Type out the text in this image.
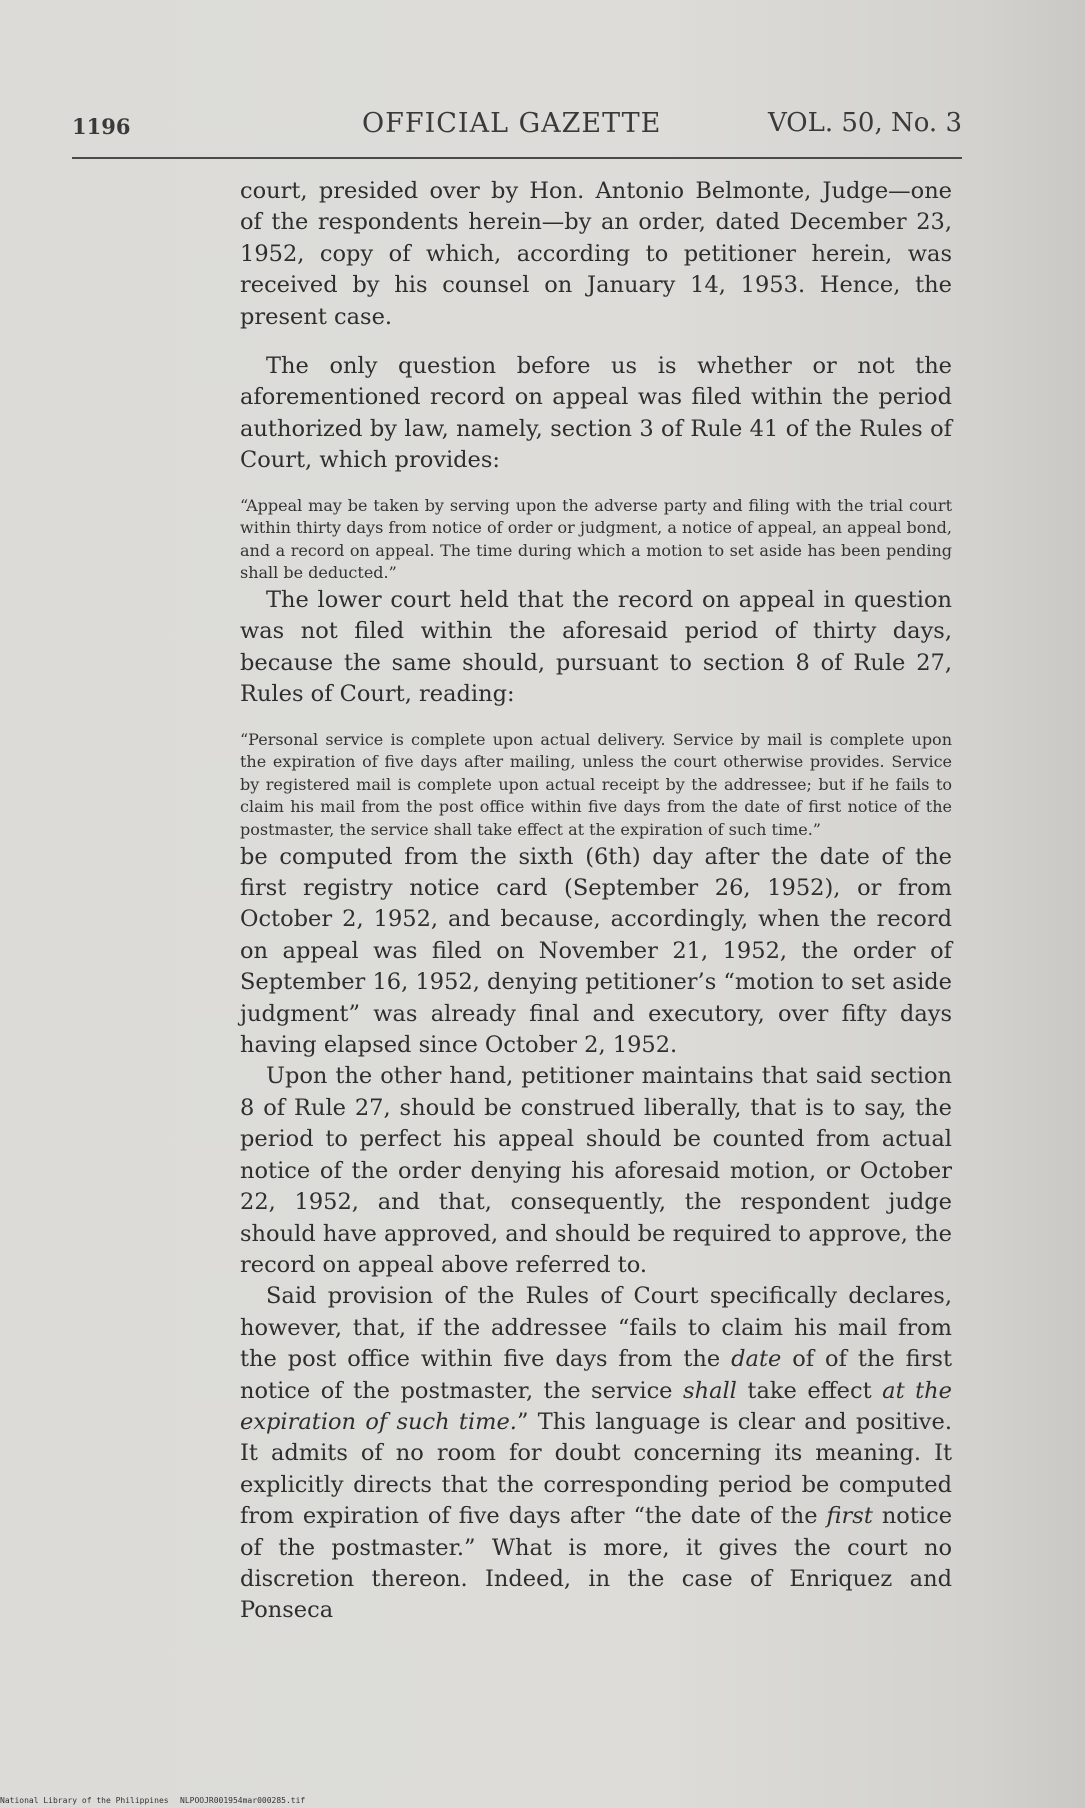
1196	OFFICIAL GAZETTE	VOL. 50, No. 3

court, presided over by Hon. Antonio Belmonte, Judge—one of the respondents herein—by an order, dated December 23, 1952, copy of which, according to petitioner herein, was received by his counsel on January 14, 1953. Hence, the present case.

The only question before us is whether or not the aforementioned record on appeal was filed within the period authorized by law, namely, section 3 of Rule 41 of the Rules of Court, which provides:

“Appeal may be taken by serving upon the adverse party and filing with the trial court within thirty days from notice of order or judgment, a notice of appeal, an appeal bond, and a record on appeal. The time during which a motion to set aside has been pending shall be deducted.”

The lower court held that the record on appeal in question was not filed within the aforesaid period of thirty days, because the same should, pursuant to section 8 of Rule 27, Rules of Court, reading:

“Personal service is complete upon actual delivery. Service by mail is complete upon the expiration of five days after mailing, unless the court otherwise provides. Service by registered mail is complete upon actual receipt by the addressee; but if he fails to claim his mail from the post office within five days from the date of first notice of the postmaster, the service shall take effect at the expiration of such time.”

be computed from the sixth (6th) day after the date of the first registry notice card (September 26, 1952), or from October 2, 1952, and because, accordingly, when the record on appeal was filed on November 21, 1952, the order of September 16, 1952, denying petitioner’s “motion to set aside judgment” was already final and executory, over fifty days having elapsed since October 2, 1952.

Upon the other hand, petitioner maintains that said section 8 of Rule 27, should be construed liberally, that is to say, the period to perfect his appeal should be counted from actual notice of the order denying his aforesaid motion, or October 22, 1952, and that, consequently, the respondent judge should have approved, and should be required to approve, the record on appeal above referred to.

Said provision of the Rules of Court specifically declares, however, that, if the addressee “fails to claim his mail from the post office within five days from the date of of the first notice of the postmaster, the service shall take effect at the expiration of such time.” This language is clear and positive. It admits of no room for doubt concerning its meaning. It explicitly directs that the corresponding period be computed from expiration of five days after “the date of the first notice of the postmaster.” What is more, it gives the court no discretion thereon. Indeed, in the case of Enriquez and Ponseca

National Library of the Philippines NLPOOJR001954mar000285.tif
